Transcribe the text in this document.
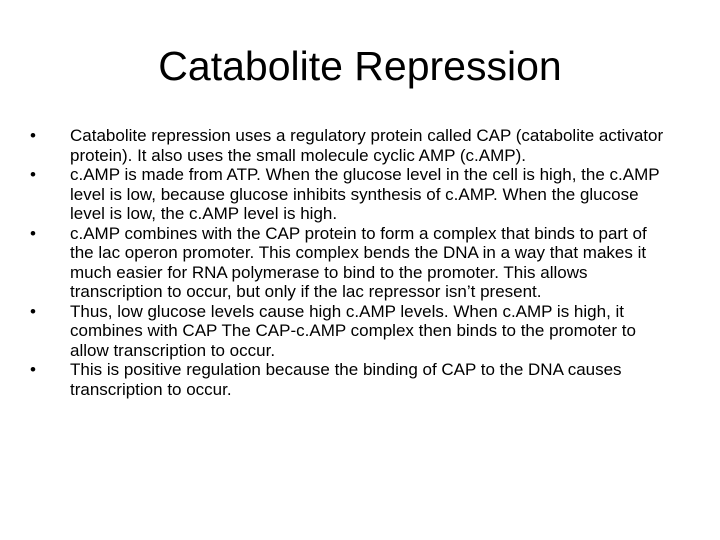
Catabolite Repression
•	Catabolite repression uses a regulatory protein called CAP (catabolite activator protein). It also uses the small molecule cyclic AMP (c.AMP).
•	c.AMP is made from ATP. When the glucose level in the cell is high, the c.AMP level is low, because glucose inhibits synthesis of c.AMP. When the glucose level is low, the c.AMP level is high.
•	c.AMP combines with the CAP protein to form a complex that binds to part of the lac operon promoter. This complex bends the DNA in a way that makes it much easier for RNA polymerase to bind to the promoter. This allows transcription to occur, but only if the lac repressor isn’t present.
•	Thus, low glucose levels cause high c.AMP levels. When c.AMP is high, it combines with CAP The CAP-c.AMP complex then binds to the promoter to allow transcription to occur.
•	This is positive regulation because the binding of CAP to the DNA causes transcription to occur.
